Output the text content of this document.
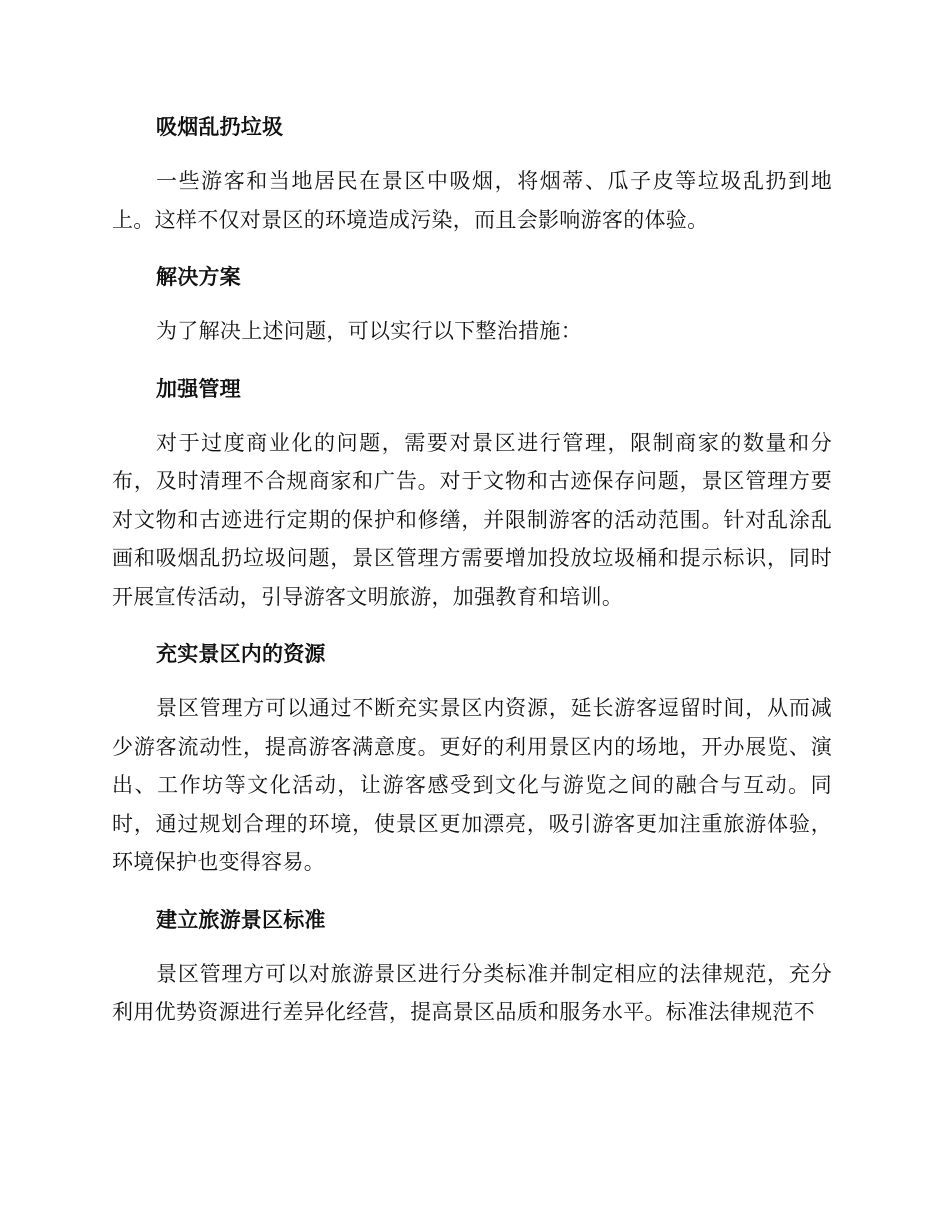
吸烟乱扔垃圾

一些游客和当地居民在景区中吸烟，将烟蒂、瓜子皮等垃圾乱扔到地上。这样不仅对景区的环境造成污染，而且会影响游客的体验。

解决方案

为了解决上述问题，可以实行以下整治措施：

加强管理

对于过度商业化的问题，需要对景区进行管理，限制商家的数量和分布，及时清理不合规商家和广告。对于文物和古迹保存问题，景区管理方要对文物和古迹进行定期的保护和修缮，并限制游客的活动范围。针对乱涂乱画和吸烟乱扔垃圾问题，景区管理方需要增加投放垃圾桶和提示标识，同时开展宣传活动，引导游客文明旅游，加强教育和培训。

充实景区内的资源

景区管理方可以通过不断充实景区内资源，延长游客逗留时间，从而减少游客流动性，提高游客满意度。更好的利用景区内的场地，开办展览、演出、工作坊等文化活动，让游客感受到文化与游览之间的融合与互动。同时，通过规划合理的环境，使景区更加漂亮，吸引游客更加注重旅游体验，环境保护也变得容易。

建立旅游景区标准

景区管理方可以对旅游景区进行分类标准并制定相应的法律规范，充分利用优势资源进行差异化经营，提高景区品质和服务水平。标准法律规范不
